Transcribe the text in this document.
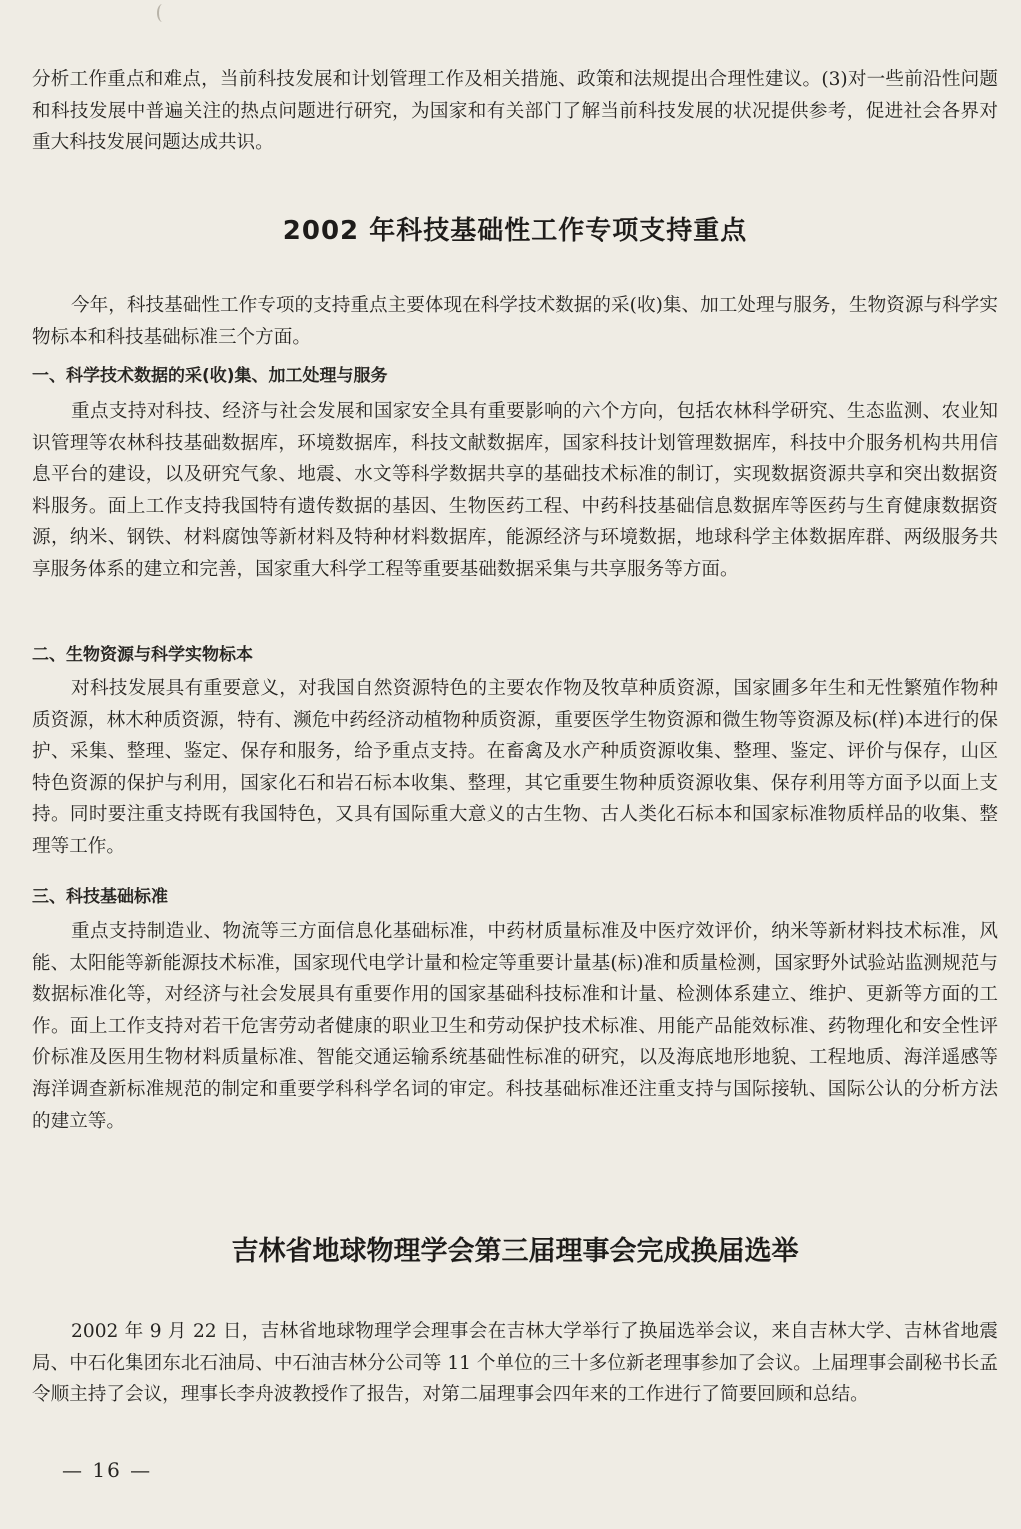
分析工作重点和难点，当前科技发展和计划管理工作及相关措施、政策和法规提出合理性建议。(3)对一些前沿性问题和科技发展中普遍关注的热点问题进行研究，为国家和有关部门了解当前科技发展的状况提供参考，促进社会各界对重大科技发展问题达成共识。

2002 年科技基础性工作专项支持重点

今年，科技基础性工作专项的支持重点主要体现在科学技术数据的采(收)集、加工处理与服务，生物资源与科学实物标本和科技基础标准三个方面。

一、科学技术数据的采(收)集、加工处理与服务

重点支持对科技、经济与社会发展和国家安全具有重要影响的六个方向，包括农林科学研究、生态监测、农业知识管理等农林科技基础数据库，环境数据库，科技文献数据库，国家科技计划管理数据库，科技中介服务机构共用信息平台的建设，以及研究气象、地震、水文等科学数据共享的基础技术标准的制订，实现数据资源共享和突出数据资料服务。面上工作支持我国特有遗传数据的基因、生物医药工程、中药科技基础信息数据库等医药与生育健康数据资源，纳米、钢铁、材料腐蚀等新材料及特种材料数据库，能源经济与环境数据，地球科学主体数据库群、两级服务共享服务体系的建立和完善，国家重大科学工程等重要基础数据采集与共享服务等方面。

二、生物资源与科学实物标本

对科技发展具有重要意义，对我国自然资源特色的主要农作物及牧草种质资源，国家圃多年生和无性繁殖作物种质资源，林木种质资源，特有、濒危中药经济动植物种质资源，重要医学生物资源和微生物等资源及标(样)本进行的保护、采集、整理、鉴定、保存和服务，给予重点支持。在畜禽及水产种质资源收集、整理、鉴定、评价与保存，山区特色资源的保护与利用，国家化石和岩石标本收集、整理，其它重要生物种质资源收集、保存利用等方面予以面上支持。同时要注重支持既有我国特色，又具有国际重大意义的古生物、古人类化石标本和国家标准物质样品的收集、整理等工作。

三、科技基础标准

重点支持制造业、物流等三方面信息化基础标准，中药材质量标准及中医疗效评价，纳米等新材料技术标准，风能、太阳能等新能源技术标准，国家现代电学计量和检定等重要计量基(标)准和质量检测，国家野外试验站监测规范与数据标准化等，对经济与社会发展具有重要作用的国家基础科技标准和计量、检测体系建立、维护、更新等方面的工作。面上工作支持对若干危害劳动者健康的职业卫生和劳动保护技术标准、用能产品能效标准、药物理化和安全性评价标准及医用生物材料质量标准、智能交通运输系统基础性标准的研究，以及海底地形地貌、工程地质、海洋遥感等海洋调查新标准规范的制定和重要学科科学名词的审定。科技基础标准还注重支持与国际接轨、国际公认的分析方法的建立等。

吉林省地球物理学会第三届理事会完成换届选举

2002 年 9 月 22 日，吉林省地球物理学会理事会在吉林大学举行了换届选举会议，来自吉林大学、吉林省地震局、中石化集团东北石油局、中石油吉林分公司等 11 个单位的三十多位新老理事参加了会议。上届理事会副秘书长孟令顺主持了会议，理事长李舟波教授作了报告，对第二届理事会四年来的工作进行了简要回顾和总结。

— 16 —
